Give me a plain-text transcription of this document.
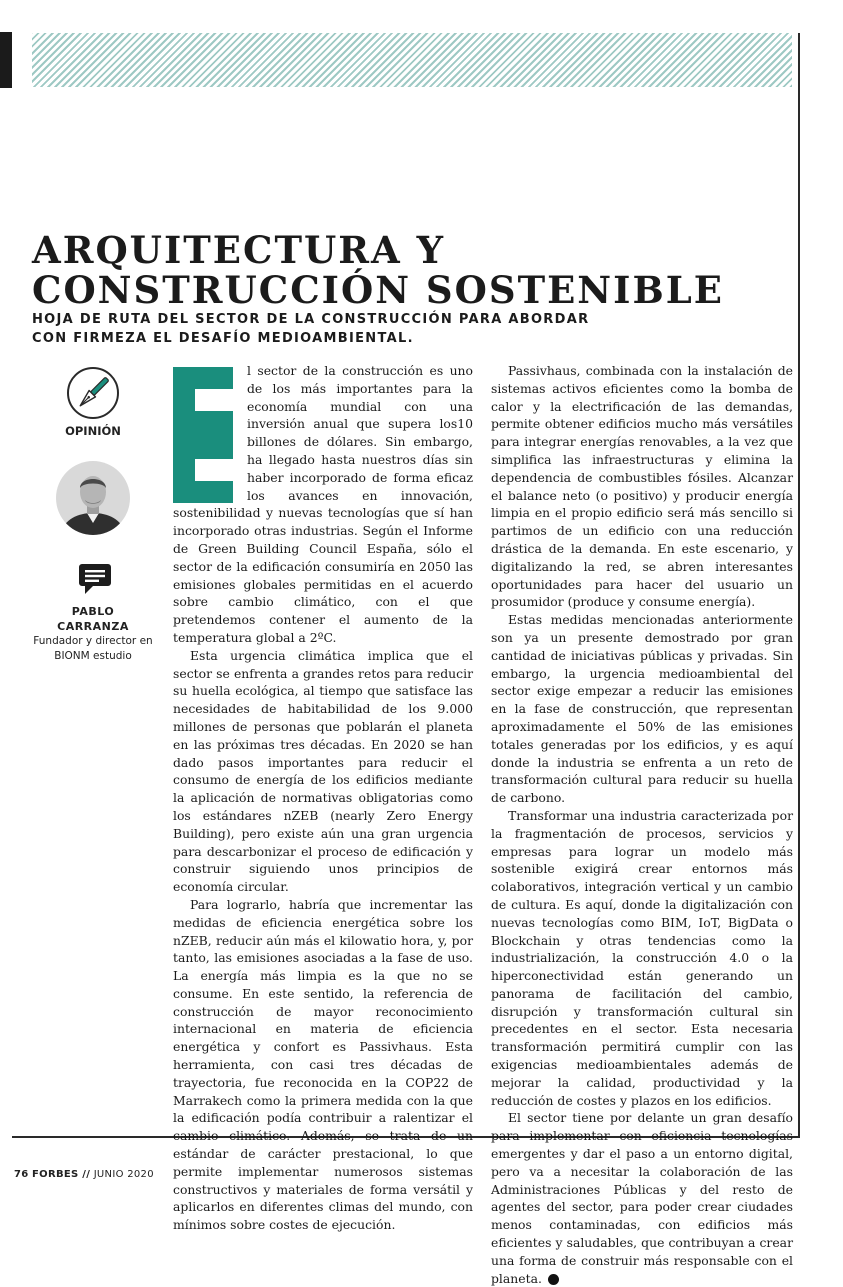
ARQUITECTURA Y
CONSTRUCCIÓN SOSTENIBLE
HOJA DE RUTA DEL SECTOR DE LA CONSTRUCCIÓN PARA ABORDAR
CON FIRMEZA EL DESAFÍO MEDIOAMBIENTAL.
OPINIÓN
PABLO
CARRANZA
Fundador y director en
BIONM estudio

l sector de la construcción es uno de los más importantes para la economía mundial con una inversión anual que supera los10 billones de dólares. Sin embargo, ha llegado hasta nuestros días sin haber incorporado de forma eficaz los avances en innovación, sostenibilidad y nuevas tecnologías que sí han incorporado otras industrias. Según el Informe de Green Building Council España, sólo el sector de la edificación consumiría en 2050 las emisiones globales permitidas en el acuerdo sobre cambio climático, con el que pretendemos contener el aumento de la temperatura global a 2ºC.

Esta urgencia climática implica que el sector se enfrenta a grandes retos para reducir su huella ecológica, al tiempo que satisface las necesidades de habitabilidad de los 9.000 millones de personas que poblarán el planeta en las próximas tres décadas. En 2020 se han dado pasos importantes para reducir el consumo de energía de los edificios mediante la aplicación de normativas obligatorias como los estándares nZEB (nearly Zero Energy Building), pero existe aún una gran urgencia para descarbonizar el proceso de edificación y construir siguiendo unos principios de economía circular.

Para lograrlo, habría que incrementar las medidas de eficiencia energética sobre los nZEB, reducir aún más el kilowatio hora, y, por tanto, las emisiones asociadas a la fase de uso. La energía más limpia es la que no se consume. En este sentido, la referencia de construcción de mayor reconocimiento internacional en materia de eficiencia energética y confort es Passivhaus. Esta herramienta, con casi tres décadas de trayectoria, fue reconocida en la COP22 de Marrakech como la primera medida con la que la edificación podía contribuir a ralentizar el cambio climático. Además, se trata de un estándar de carácter prestacional, lo que permite implementar numerosos sistemas constructivos y materiales de forma versátil y aplicarlos en diferentes climas del mundo, con mínimos sobre costes de ejecución.

Passivhaus, combinada con la instalación de sistemas activos eficientes como la bomba de calor y la electrificación de las demandas, permite obtener edificios mucho más versátiles para integrar energías renovables, a la vez que simplifica las infraestructuras y elimina la dependencia de combustibles fósiles. Alcanzar el balance neto (o positivo) y producir energía limpia en el propio edificio será más sencillo si partimos de un edificio con una reducción drástica de la demanda. En este escenario, y digitalizando la red, se abren interesantes oportunidades para hacer del usuario un prosumidor (produce y consume energía).

Estas medidas mencionadas anteriormente son ya un presente demostrado por gran cantidad de iniciativas públicas y privadas. Sin embargo, la urgencia medioambiental del sector exige empezar a reducir las emisiones en la fase de construcción, que representan aproximadamente el 50% de las emisiones totales generadas por los edificios, y es aquí donde la industria se enfrenta a un reto de transformación cultural para reducir su huella de carbono.

Transformar una industria caracterizada por la fragmentación de procesos, servicios y empresas para lograr un modelo más sostenible exigirá crear entornos más colaborativos, integración vertical y un cambio de cultura. Es aquí, donde la digitalización con nuevas tecnologías como BIM, IoT, BigData o Blockchain y otras tendencias como la industrialización, la construcción 4.0 o la hiperconectividad están generando un panorama de facilitación del cambio, disrupción y transformación cultural sin precedentes en el sector. Esta necesaria transformación permitirá cumplir con las exigencias medioambientales además de mejorar la calidad, productividad y la reducción de costes y plazos en los edificios.

El sector tiene por delante un gran desafío para implementar con eficiencia tecnologías emergentes y dar el paso a un entorno digital, pero va a necesitar la colaboración de las Administraciones Públicas y del resto de agentes del sector, para poder crear ciudades menos contaminadas, con edificios más eficientes y saludables, que contribuyan a crear una forma de construir más responsable con el planeta.

76 FORBES // JUNIO 2020
